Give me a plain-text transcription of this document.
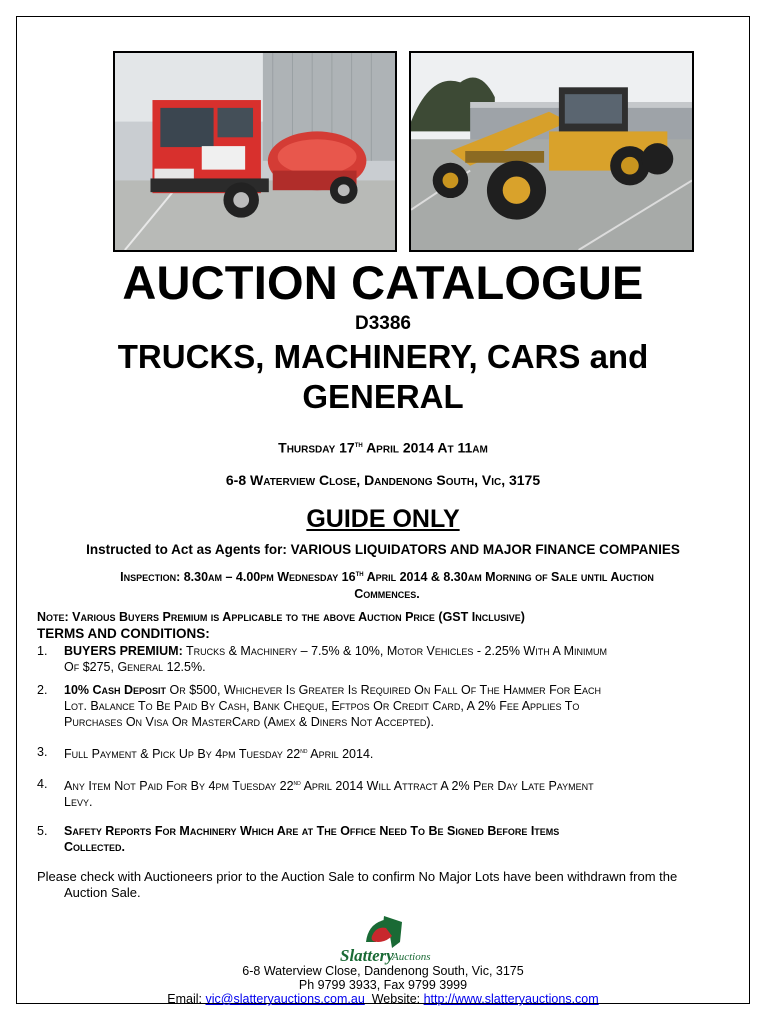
AUCTION CATALOGUE
D3386
TRUCKS, MACHINERY, CARS and
GENERAL
Thursday 17th April 2014 At 11am
6-8 Waterview Close, Dandenong South, Vic, 3175
GUIDE ONLY
Instructed to Act as Agents for: VARIOUS LIQUIDATORS AND MAJOR FINANCE COMPANIES
Inspection: 8.30am – 4.00pm Wednesday 16th April 2014 & 8.30am Morning of Sale until Auction
Commences.
Note: Various Buyers Premium is Applicable to the above Auction Price (GST Inclusive)
TERMS AND CONDITIONS:
1. BUYERS PREMIUM: Trucks & Machinery – 7.5% & 10%, Motor Vehicles - 2.25% With A Minimum
Of $275, General 12.5%.
2. 10% Cash Deposit Or $500, Whichever Is Greater Is Required On Fall Of The Hammer For Each
Lot. Balance To Be Paid By Cash, Bank Cheque, Eftpos Or Credit Card, A 2% Fee Applies To
Purchases On Visa Or MasterCard (Amex & Diners Not Accepted).
3. Full Payment & Pick Up By 4pm Tuesday 22nd April 2014.
4. Any Item Not Paid For By 4pm Tuesday 22nd April 2014 Will Attract A 2% Per Day Late Payment
Levy.
5. Safety Reports For Machinery Which Are at The Office Need To Be Signed Before Items
Collected.
Please check with Auctioneers prior to the Auction Sale to confirm No Major Lots have been withdrawn from the
Auction Sale.
Slattery
Auctions
6-8 Waterview Close, Dandenong South, Vic, 3175
Ph 9799 3933, Fax 9799 3999
Email: vic@slatteryauctions.com.au  Website: http://www.slatteryauctions.com
